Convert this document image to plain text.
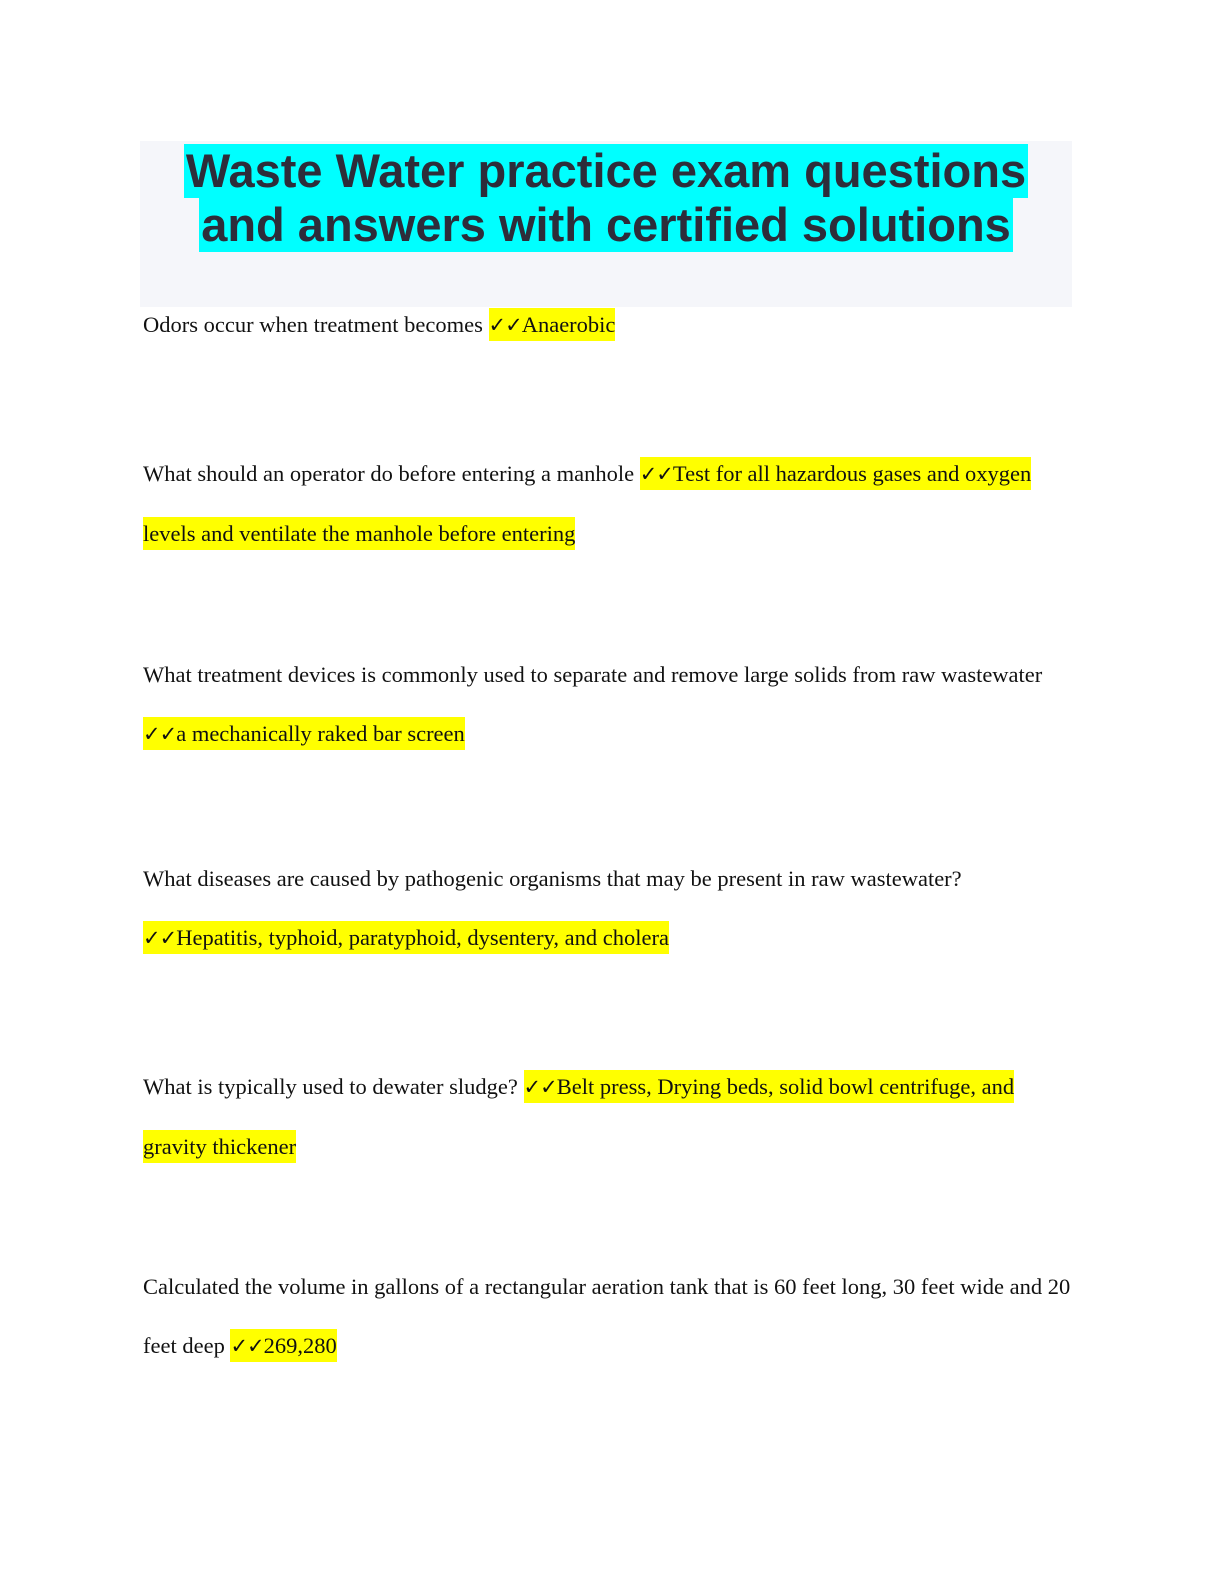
Waste Water practice exam questions
and answers with certified solutions

Odors occur when treatment becomes ✓✓Anaerobic

What should an operator do before entering a manhole ✓✓Test for all hazardous gases and oxygen levels and ventilate the manhole before entering

What treatment devices is commonly used to separate and remove large solids from raw wastewater ✓✓a mechanically raked bar screen

What diseases are caused by pathogenic organisms that may be present in raw wastewater? ✓✓Hepatitis, typhoid, paratyphoid, dysentery, and cholera

What is typically used to dewater sludge? ✓✓Belt press, Drying beds, solid bowl centrifuge, and gravity thickener

Calculated the volume in gallons of a rectangular aeration tank that is 60 feet long, 30 feet wide and 20 feet deep ✓✓269,280
